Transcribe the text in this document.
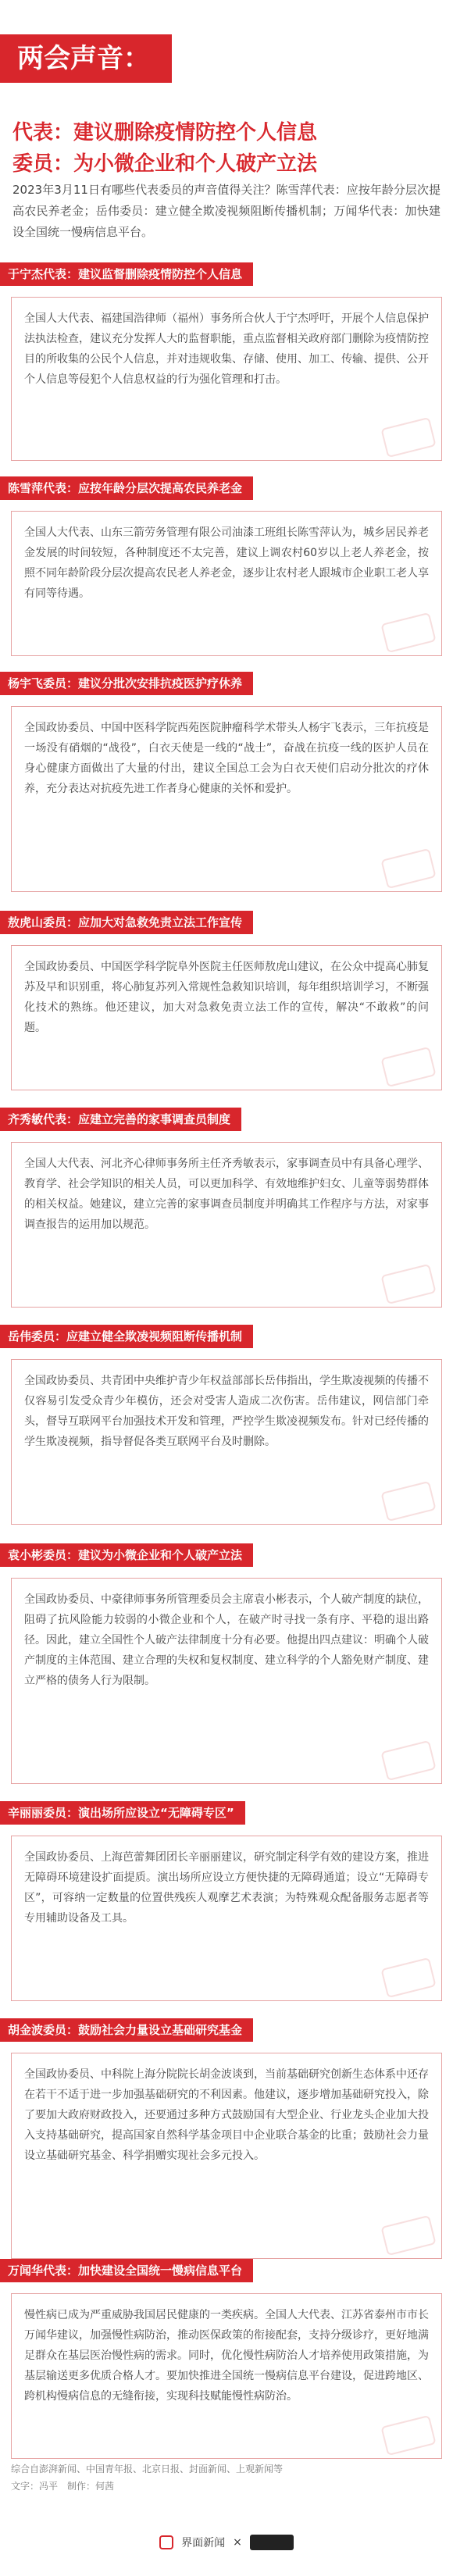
两会声音：
代表：建议删除疫情防控个人信息
委员：为小微企业和个人破产立法
2023年3月11日有哪些代表委员的声音值得关注？陈雪萍代表：应按年龄分层次提高农民养老金；岳伟委员：建立健全欺凌视频阻断传播机制；万闻华代表：加快建设全国统一慢病信息平台。
于宁杰代表：建议监督删除疫情防控个人信息
全国人大代表、福建国浩律师（福州）事务所合伙人于宁杰呼吁，开展个人信息保护法执法检查，建议充分发挥人大的监督职能，重点监督相关政府部门删除为疫情防控目的所收集的公民个人信息，并对违规收集、存储、使用、加工、传输、提供、公开个人信息等侵犯个人信息权益的行为强化管理和打击。
陈雪萍代表：应按年龄分层次提高农民养老金
全国人大代表、山东三箭劳务管理有限公司油漆工班组长陈雪萍认为，城乡居民养老金发展的时间较短，各种制度还不太完善，建议上调农村60岁以上老人养老金，按照不同年龄阶段分层次提高农民老人养老金，逐步让农村老人跟城市企业职工老人享有同等待遇。
杨宇飞委员：建议分批次安排抗疫医护疗休养
全国政协委员、中国中医科学院西苑医院肿瘤科学术带头人杨宇飞表示，三年抗疫是一场没有硝烟的“战役”，白衣天使是一线的“战士”，奋战在抗疫一线的医护人员在身心健康方面做出了大量的付出，建议全国总工会为白衣天使们启动分批次的疗休养，充分表达对抗疫先进工作者身心健康的关怀和爱护。
敖虎山委员：应加大对急救免责立法工作宣传
全国政协委员、中国医学科学院阜外医院主任医师敖虎山建议，在公众中提高心肺复苏及早和识别重，将心肺复苏列入常规性急救知识培训，每年组织培训学习，不断强化技术的熟练。他还建议，加大对急救免责立法工作的宣传，解决“不敢救”的问题。
齐秀敏代表：应建立完善的家事调查员制度
全国人大代表、河北齐心律师事务所主任齐秀敏表示，家事调查员中有具备心理学、教育学、社会学知识的相关人员，可以更加科学、有效地维护妇女、儿童等弱势群体的相关权益。她建议，建立完善的家事调查员制度并明确其工作程序与方法，对家事调查报告的运用加以规范。
岳伟委员：应建立健全欺凌视频阻断传播机制
全国政协委员、共青团中央维护青少年权益部部长岳伟指出，学生欺凌视频的传播不仅容易引发受众青少年模仿，还会对受害人造成二次伤害。岳伟建议，网信部门牵头，督导互联网平台加强技术开发和管理，严控学生欺凌视频发布。针对已经传播的学生欺凌视频，指导督促各类互联网平台及时删除。
袁小彬委员：建议为小微企业和个人破产立法
全国政协委员、中豪律师事务所管理委员会主席袁小彬表示，个人破产制度的缺位，阻碍了抗风险能力较弱的小微企业和个人，在破产时寻找一条有序、平稳的退出路径。因此，建立全国性个人破产法律制度十分有必要。他提出四点建议：明确个人破产制度的主体范围、建立合理的失权和复权制度、建立科学的个人豁免财产制度、建立严格的债务人行为限制。
辛丽丽委员：演出场所应设立“无障碍专区”
全国政协委员、上海芭蕾舞团团长辛丽丽建议，研究制定科学有效的建设方案，推进无障碍环境建设扩面提质。演出场所应设立方便快捷的无障碍通道；设立“无障碍专区”，可容纳一定数量的位置供残疾人观摩艺术表演；为特殊观众配备服务志愿者等专用辅助设备及工具。
胡金波委员：鼓励社会力量设立基础研究基金
全国政协委员、中科院上海分院院长胡金波谈到，当前基础研究创新生态体系中还存在若干不适于进一步加强基础研究的不利因素。他建议，逐步增加基础研究投入，除了要加大政府财政投入，还要通过多种方式鼓励国有大型企业、行业龙头企业加大投入支持基础研究，提高国家自然科学基金项目中企业联合基金的比重；鼓励社会力量设立基础研究基金、科学捐赠实现社会多元投入。
万闻华代表：加快建设全国统一慢病信息平台
慢性病已成为严重威胁我国居民健康的一类疾病。全国人大代表、江苏省泰州市市长万闻华建议，加强慢性病防治，推动医保政策的衔接配套，支持分级诊疗，更好地满足群众在基层医治慢性病的需求。同时，优化慢性病防治人才培养使用政策措施，为基层输送更多优质合格人才。要加快推进全国统一慢病信息平台建设，促进跨地区、跨机构慢病信息的无缝衔接，实现科技赋能慢性病防治。
综合自澎湃新闻、中国青年报、北京日报、封面新闻、上观新闻等
文字：冯平　制作：何茜
界面新闻 ×
